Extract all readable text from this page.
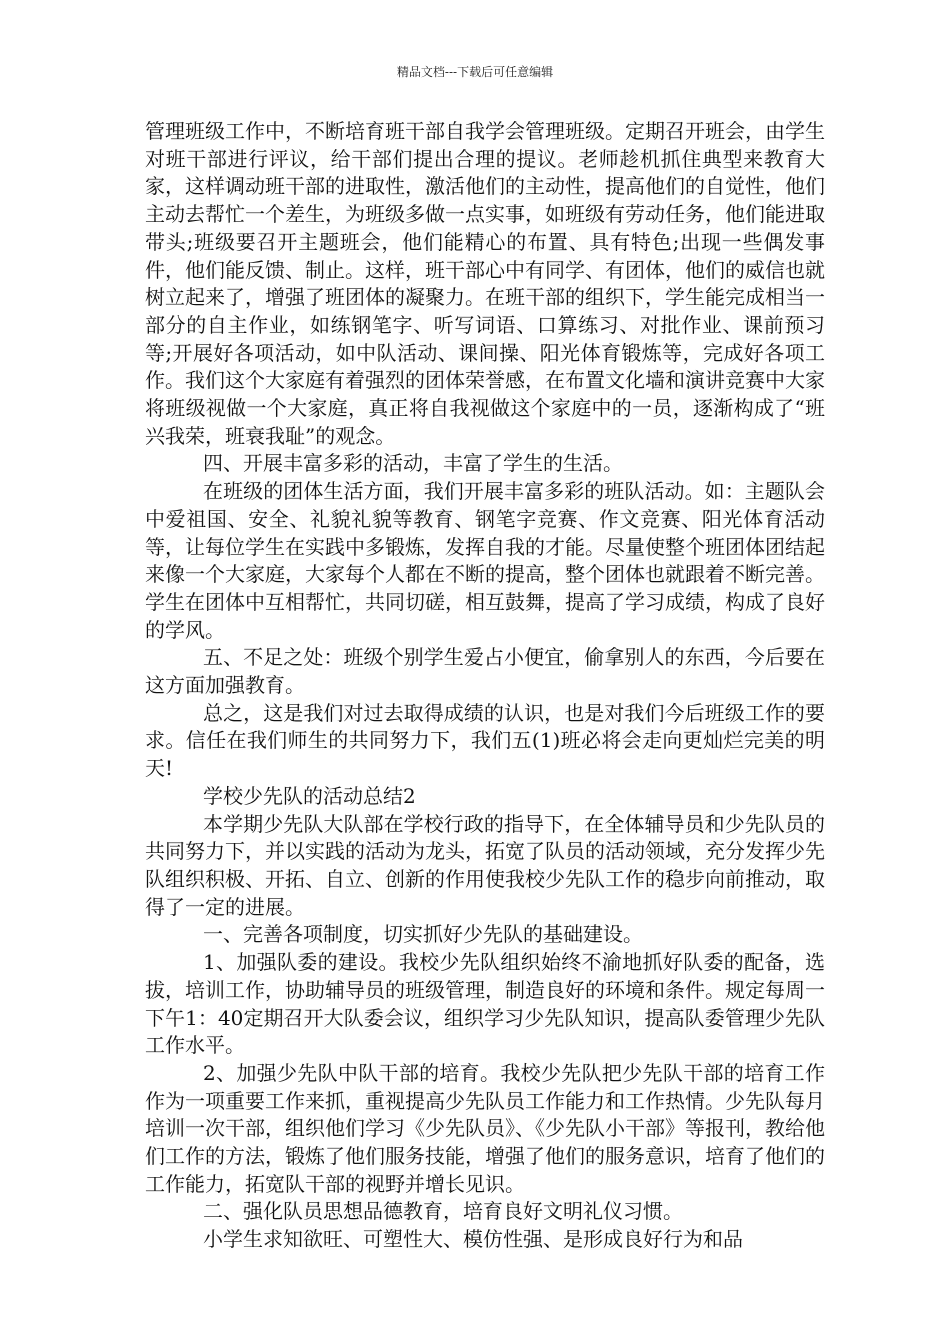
精品文档---下载后可任意编辑

管理班级工作中，不断培育班干部自我学会管理班级。定期召开班会，由学生对班干部进行评议，给干部们提出合理的提议。老师趁机抓住典型来教育大家，这样调动班干部的进取性，激活他们的主动性，提高他们的自觉性，他们主动去帮忙一个差生，为班级多做一点实事，如班级有劳动任务，他们能进取带头;班级要召开主题班会，他们能精心的布置、具有特色;出现一些偶发事件，他们能反馈、制止。这样，班干部心中有同学、有团体，他们的威信也就树立起来了，增强了班团体的凝聚力。在班干部的组织下，学生能完成相当一部分的自主作业，如练钢笔字、听写词语、口算练习、对批作业、课前预习等;开展好各项活动，如中队活动、课间操、阳光体育锻炼等，完成好各项工作。我们这个大家庭有着强烈的团体荣誉感，在布置文化墙和演讲竞赛中大家将班级视做一个大家庭，真正将自我视做这个家庭中的一员，逐渐构成了“班兴我荣，班衰我耻”的观念。

四、开展丰富多彩的活动，丰富了学生的生活。

在班级的团体生活方面，我们开展丰富多彩的班队活动。如：主题队会中爱祖国、安全、礼貌礼貌等教育、钢笔字竞赛、作文竞赛、阳光体育活动等，让每位学生在实践中多锻炼，发挥自我的才能。尽量使整个班团体团结起来像一个大家庭，大家每个人都在不断的提高，整个团体也就跟着不断完善。学生在团体中互相帮忙，共同切磋，相互鼓舞，提高了学习成绩，构成了良好的学风。

五、不足之处：班级个别学生爱占小便宜，偷拿别人的东西，今后要在这方面加强教育。

总之，这是我们对过去取得成绩的认识，也是对我们今后班级工作的要求。信任在我们师生的共同努力下，我们五(1)班必将会走向更灿烂完美的明天!

学校少先队的活动总结2

本学期少先队大队部在学校行政的指导下，在全体辅导员和少先队员的共同努力下，并以实践的活动为龙头，拓宽了队员的活动领域，充分发挥少先队组织积极、开拓、自立、创新的作用使我校少先队工作的稳步向前推动，取得了一定的进展。

一、完善各项制度，切实抓好少先队的基础建设。

1、加强队委的建设。我校少先队组织始终不渝地抓好队委的配备，选拔，培训工作，协助辅导员的班级管理，制造良好的环境和条件。规定每周一下午1：40定期召开大队委会议，组织学习少先队知识，提高队委管理少先队工作水平。

2、加强少先队中队干部的培育。我校少先队把少先队干部的培育工作作为一项重要工作来抓，重视提高少先队员工作能力和工作热情。少先队每月培训一次干部，组织他们学习《少先队员》、《少先队小干部》等报刊，教给他们工作的方法，锻炼了他们服务技能，增强了他们的服务意识，培育了他们的工作能力，拓宽队干部的视野并增长见识。

二、强化队员思想品德教育，培育良好文明礼仪习惯。

小学生求知欲旺、可塑性大、模仿性强、是形成良好行为和品
